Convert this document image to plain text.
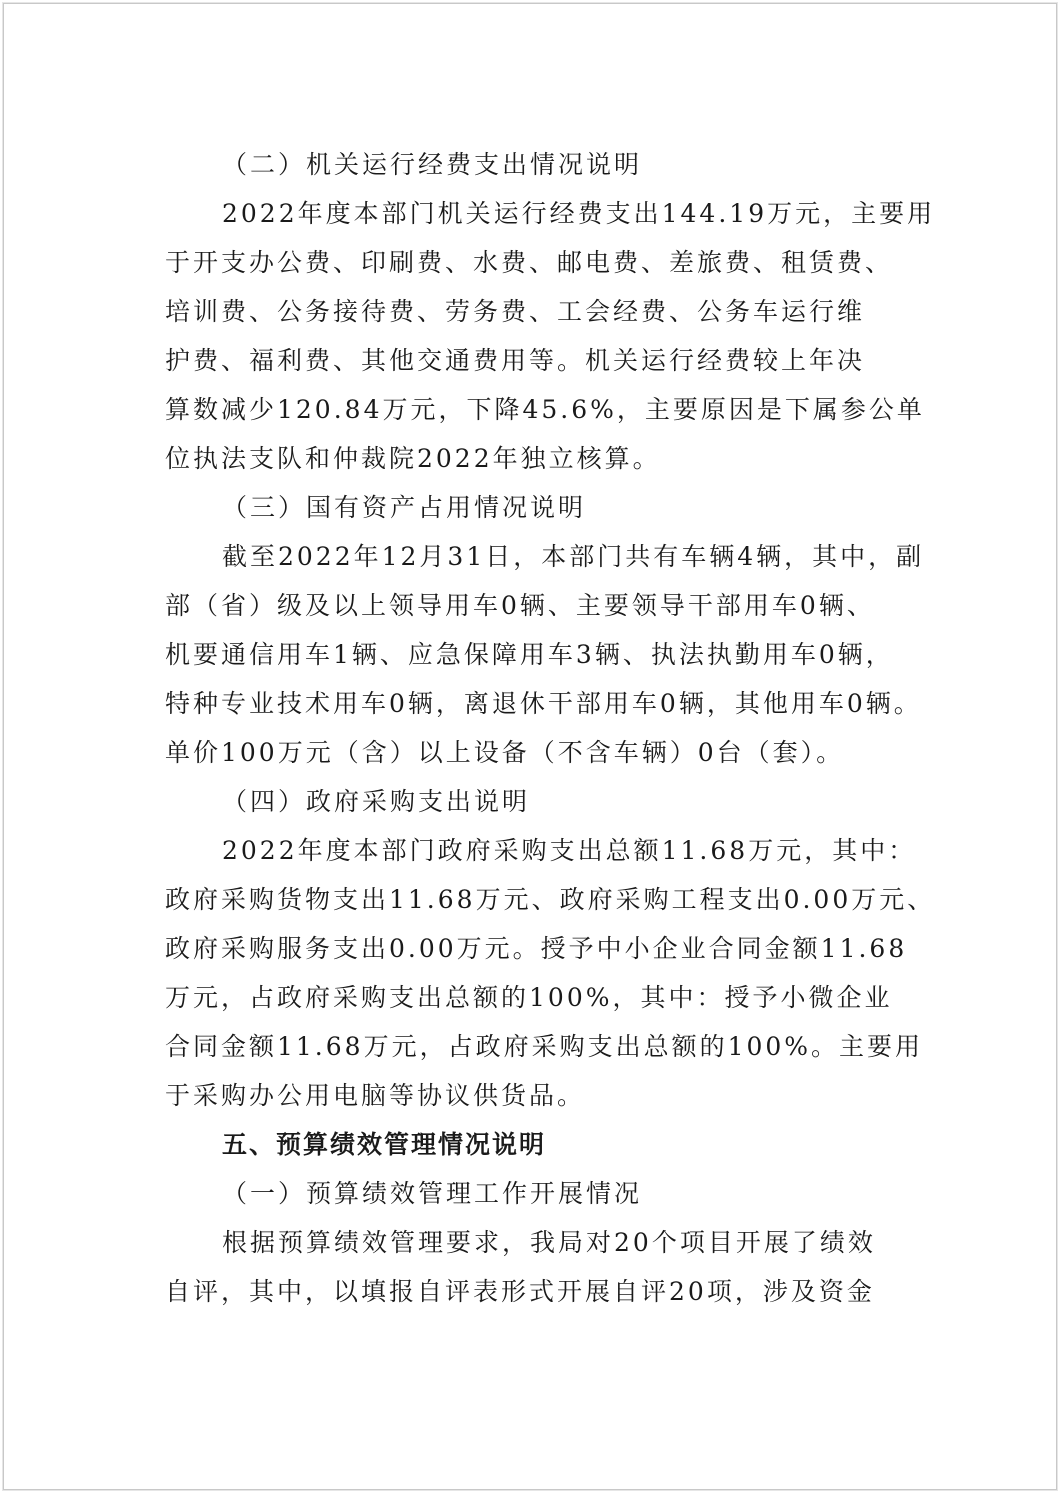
（二）机关运行经费支出情况说明
2022年度本部门机关运行经费支出144.19万元，主要用
于开支办公费、印刷费、水费、邮电费、差旅费、租赁费、
培训费、公务接待费、劳务费、工会经费、公务车运行维
护费、福利费、其他交通费用等。机关运行经费较上年决
算数减少120.84万元，下降45.6%，主要原因是下属参公单
位执法支队和仲裁院2022年独立核算。
（三）国有资产占用情况说明
截至2022年12月31日，本部门共有车辆4辆，其中，副
部（省）级及以上领导用车0辆、主要领导干部用车0辆、
机要通信用车1辆、应急保障用车3辆、执法执勤用车0辆，
特种专业技术用车0辆，离退休干部用车0辆，其他用车0辆。
单价100万元（含）以上设备（不含车辆）0台（套）。
（四）政府采购支出说明
2022年度本部门政府采购支出总额11.68万元，其中：
政府采购货物支出11.68万元、政府采购工程支出0.00万元、
政府采购服务支出0.00万元。授予中小企业合同金额11.68
万元，占政府采购支出总额的100%，其中：授予小微企业
合同金额11.68万元，占政府采购支出总额的100%。主要用
于采购办公用电脑等协议供货品。
五、预算绩效管理情况说明
（一）预算绩效管理工作开展情况
根据预算绩效管理要求，我局对20个项目开展了绩效
自评，其中，以填报自评表形式开展自评20项，涉及资金
